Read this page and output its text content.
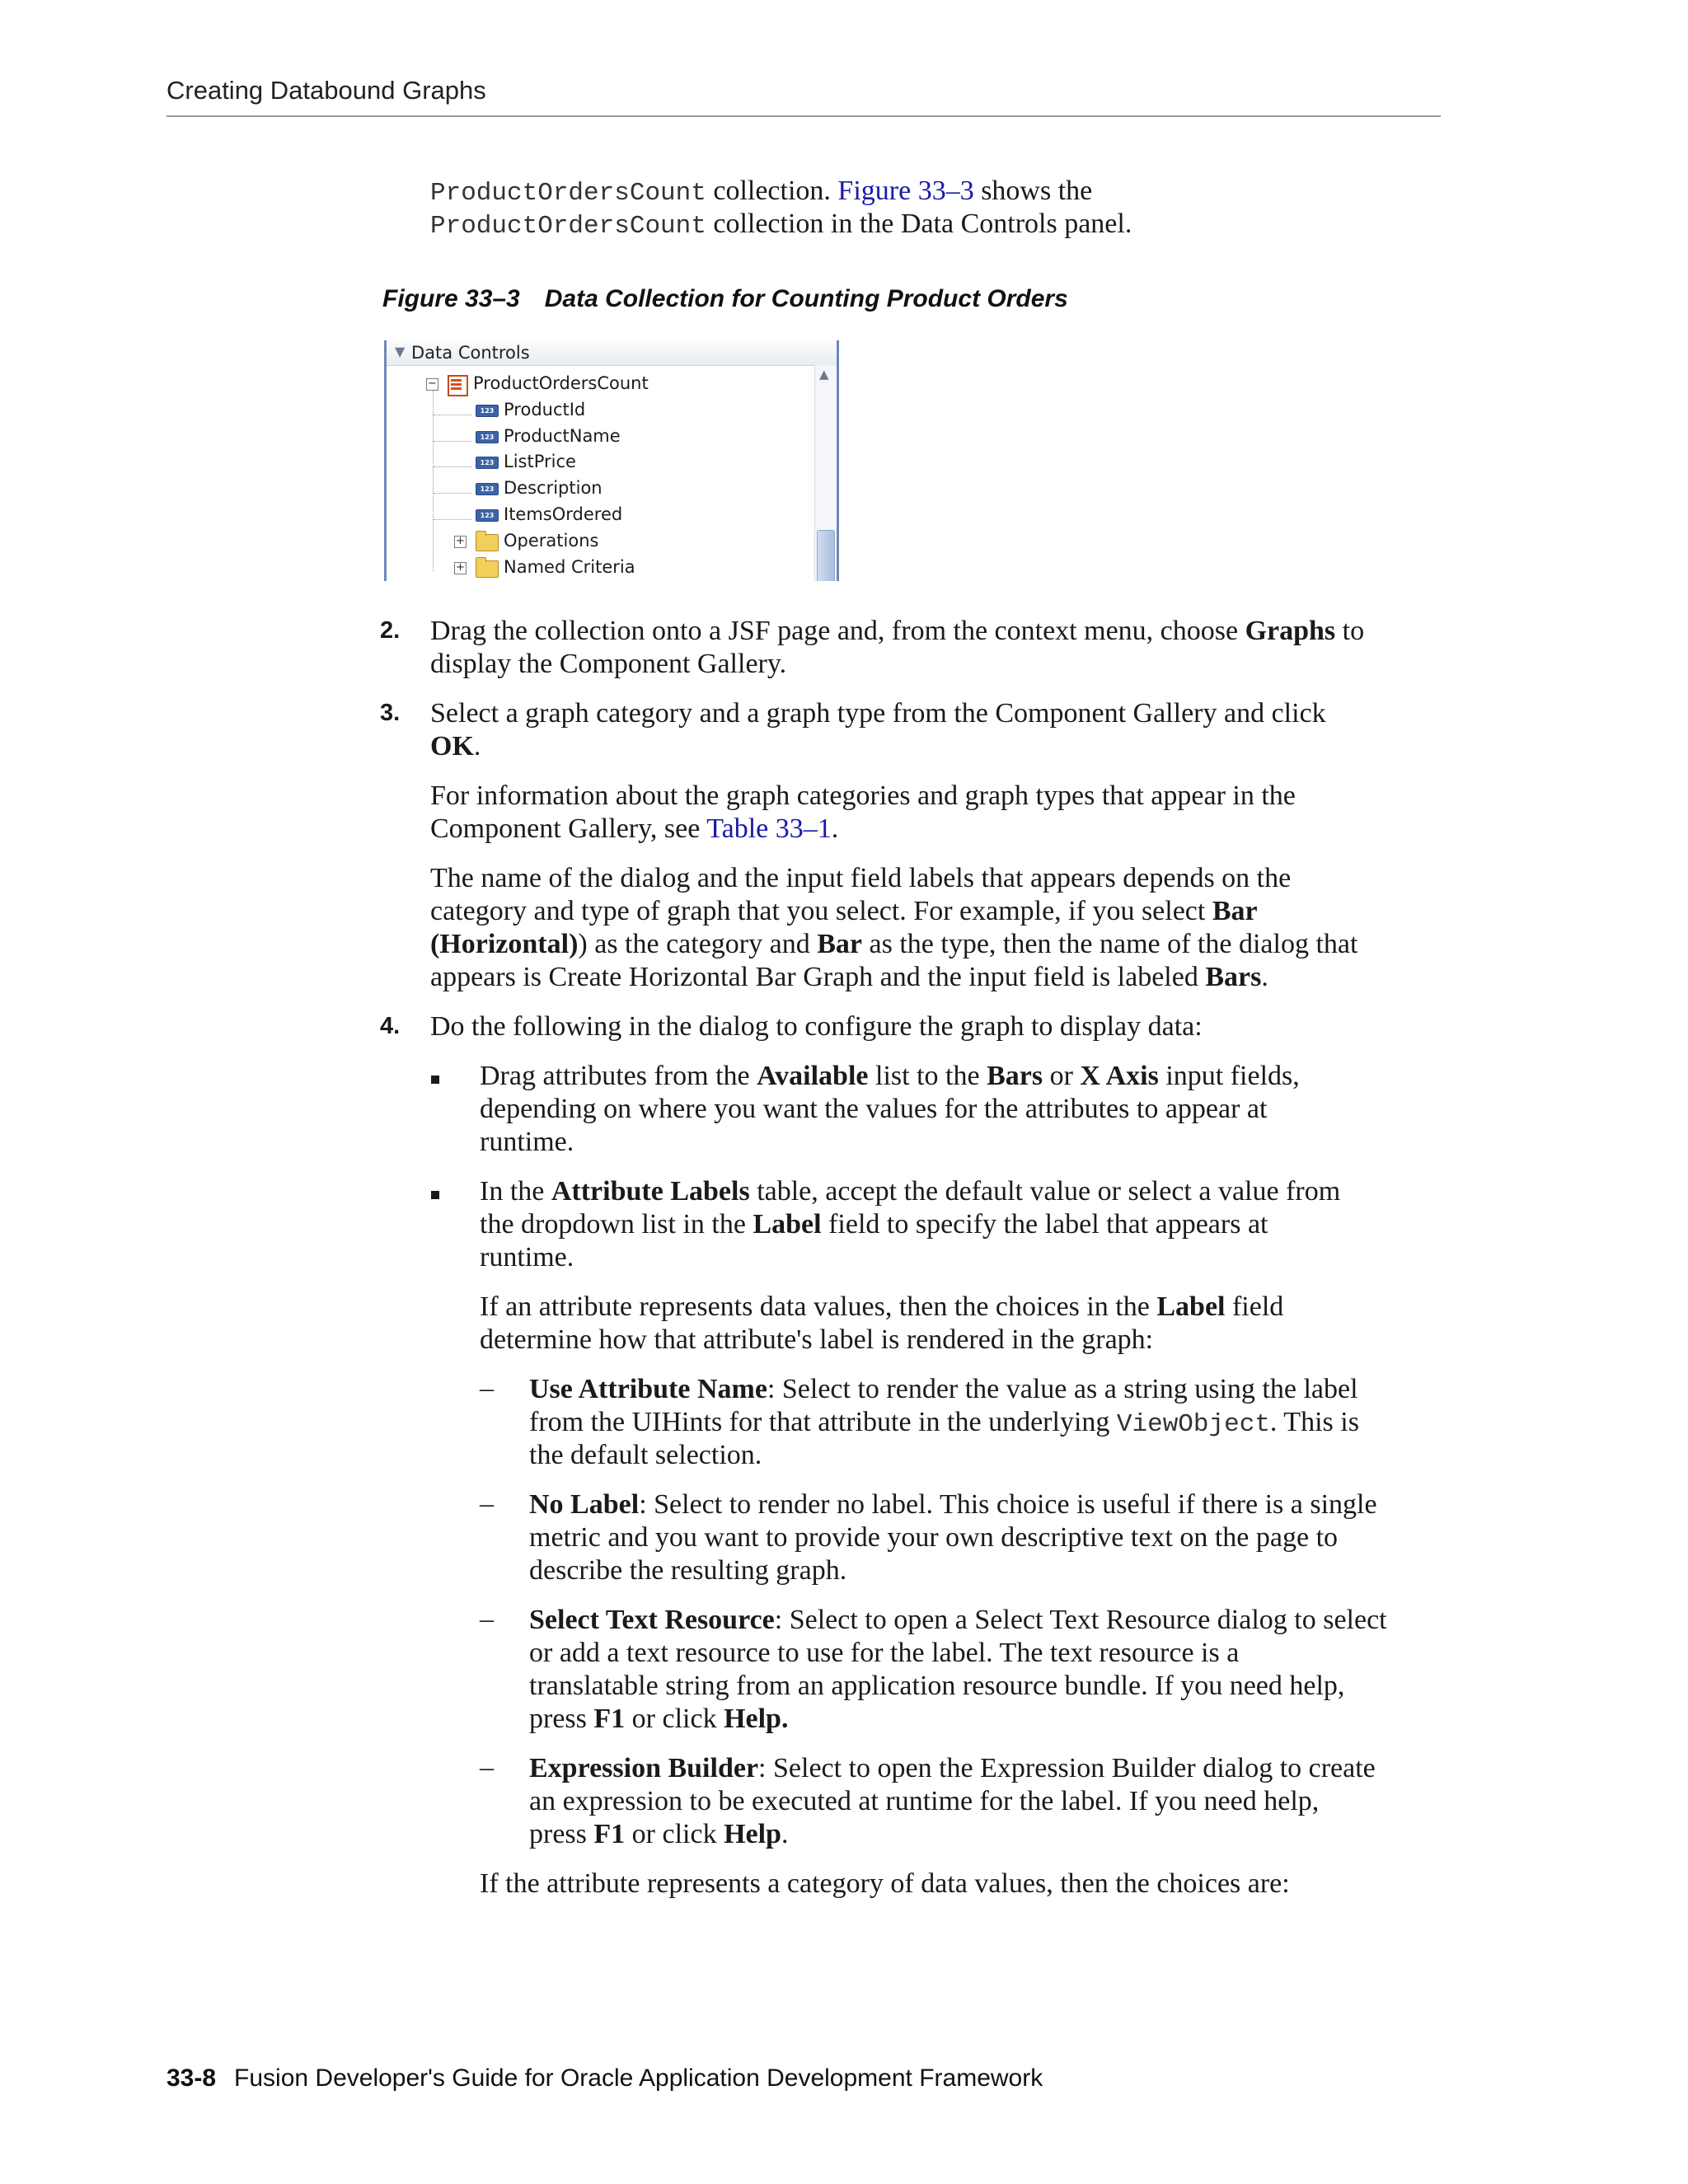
Creating Databound Graphs
ProductOrdersCount collection. Figure 33–3 shows the
ProductOrdersCount collection in the Data Controls panel.
Figure 33–3 Data Collection for Counting Product Orders
▼ Data Controls
− ProductOrdersCount
123 ProductId
123 ProductName
123 ListPrice
123 Description
123 ItemsOrdered
+ Operations
+ Named Criteria
▲
2. Drag the collection onto a JSF page and, from the context menu, choose Graphs to
display the Component Gallery.
3. Select a graph category and a graph type from the Component Gallery and click
OK.
For information about the graph categories and graph types that appear in the
Component Gallery, see Table 33–1.
The name of the dialog and the input field labels that appears depends on the
category and type of graph that you select. For example, if you select Bar
(Horizontal)) as the category and Bar as the type, then the name of the dialog that
appears is Create Horizontal Bar Graph and the input field is labeled Bars.
4. Do the following in the dialog to configure the graph to display data:
Drag attributes from the Available list to the Bars or X Axis input fields,
depending on where you want the values for the attributes to appear at
runtime.
In the Attribute Labels table, accept the default value or select a value from
the dropdown list in the Label field to specify the label that appears at
runtime.
If an attribute represents data values, then the choices in the Label field
determine how that attribute's label is rendered in the graph:
– Use Attribute Name: Select to render the value as a string using the label
from the UIHints for that attribute in the underlying ViewObject. This is
the default selection.
– No Label: Select to render no label. This choice is useful if there is a single
metric and you want to provide your own descriptive text on the page to
describe the resulting graph.
– Select Text Resource: Select to open a Select Text Resource dialog to select
or add a text resource to use for the label. The text resource is a
translatable string from an application resource bundle. If you need help,
press F1 or click Help.
– Expression Builder: Select to open the Expression Builder dialog to create
an expression to be executed at runtime for the label. If you need help,
press F1 or click Help.
If the attribute represents a category of data values, then the choices are:
33-8 Fusion Developer's Guide for Oracle Application Development Framework
